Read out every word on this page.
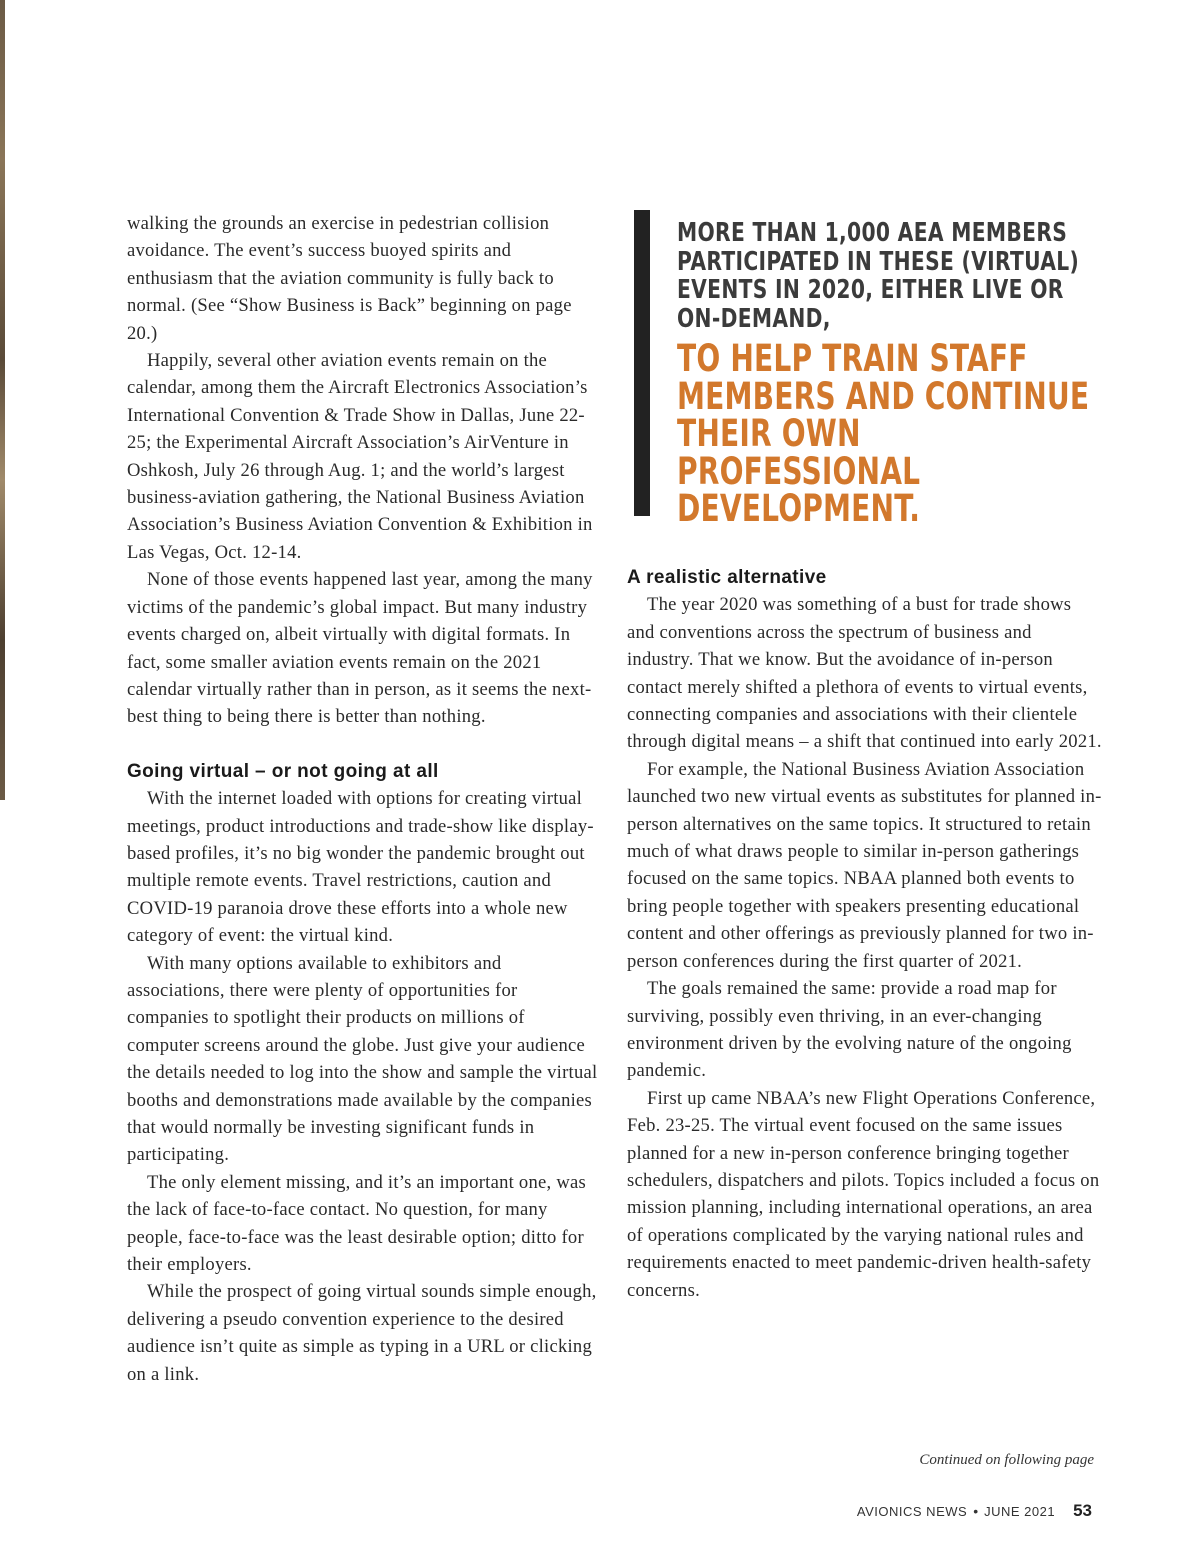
walking the grounds an exercise in pedestrian collision avoidance. The event’s success buoyed spirits and enthusiasm that the aviation community is fully back to normal. (See “Show Business is Back” beginning on page 20.)

Happily, several other aviation events remain on the calendar, among them the Aircraft Electronics Association’s International Convention & Trade Show in Dallas, June 22-25; the Experimental Aircraft Association’s AirVenture in Oshkosh, July 26 through Aug. 1; and the world’s largest business-aviation gathering, the National Business Aviation Association’s Business Aviation Convention & Exhibition in Las Vegas, Oct. 12-14.

None of those events happened last year, among the many victims of the pandemic’s global impact. But many industry events charged on, albeit virtually with digital formats. In fact, some smaller aviation events remain on the 2021 calendar virtually rather than in person, as it seems the next-best thing to being there is better than nothing.

Going virtual – or not going at all

With the internet loaded with options for creating virtual meetings, product introductions and trade-show like display-based profiles, it’s no big wonder the pandemic brought out multiple remote events. Travel restrictions, caution and COVID-19 paranoia drove these efforts into a whole new category of event: the virtual kind.

With many options available to exhibitors and associations, there were plenty of opportunities for companies to spotlight their products on millions of computer screens around the globe. Just give your audience the details needed to log into the show and sample the virtual booths and demonstrations made available by the companies that would normally be investing significant funds in participating.

The only element missing, and it’s an important one, was the lack of face-to-face contact. No question, for many people, face-to-face was the least desirable option; ditto for their employers.

While the prospect of going virtual sounds simple enough, delivering a pseudo convention experience to the desired audience isn’t quite as simple as typing in a URL or clicking on a link.

MORE THAN 1,000 AEA MEMBERS PARTICIPATED IN THESE (VIRTUAL) EVENTS IN 2020, EITHER LIVE OR ON-DEMAND,
TO HELP TRAIN STAFF MEMBERS AND CONTINUE THEIR OWN PROFESSIONAL DEVELOPMENT.
A realistic alternative

The year 2020 was something of a bust for trade shows and conventions across the spectrum of business and industry. That we know. But the avoidance of in-person contact merely shifted a plethora of events to virtual events, connecting companies and associations with their clientele through digital means – a shift that continued into early 2021.

For example, the National Business Aviation Association launched two new virtual events as substitutes for planned in-person alternatives on the same topics. It structured to retain much of what draws people to similar in-person gatherings focused on the same topics. NBAA planned both events to bring people together with speakers presenting educational content and other offerings as previously planned for two in-person conferences during the first quarter of 2021.

The goals remained the same: provide a road map for surviving, possibly even thriving, in an ever-changing environment driven by the evolving nature of the ongoing pandemic.

First up came NBAA’s new Flight Operations Conference, Feb. 23-25. The virtual event focused on the same issues planned for a new in-person conference bringing together schedulers, dispatchers and pilots. Topics included a focus on mission planning, including international operations, an area of operations complicated by the varying national rules and requirements enacted to meet pandemic-driven health-safety concerns.

Continued on following page
AVIONICS NEWS • JUNE 2021 53
